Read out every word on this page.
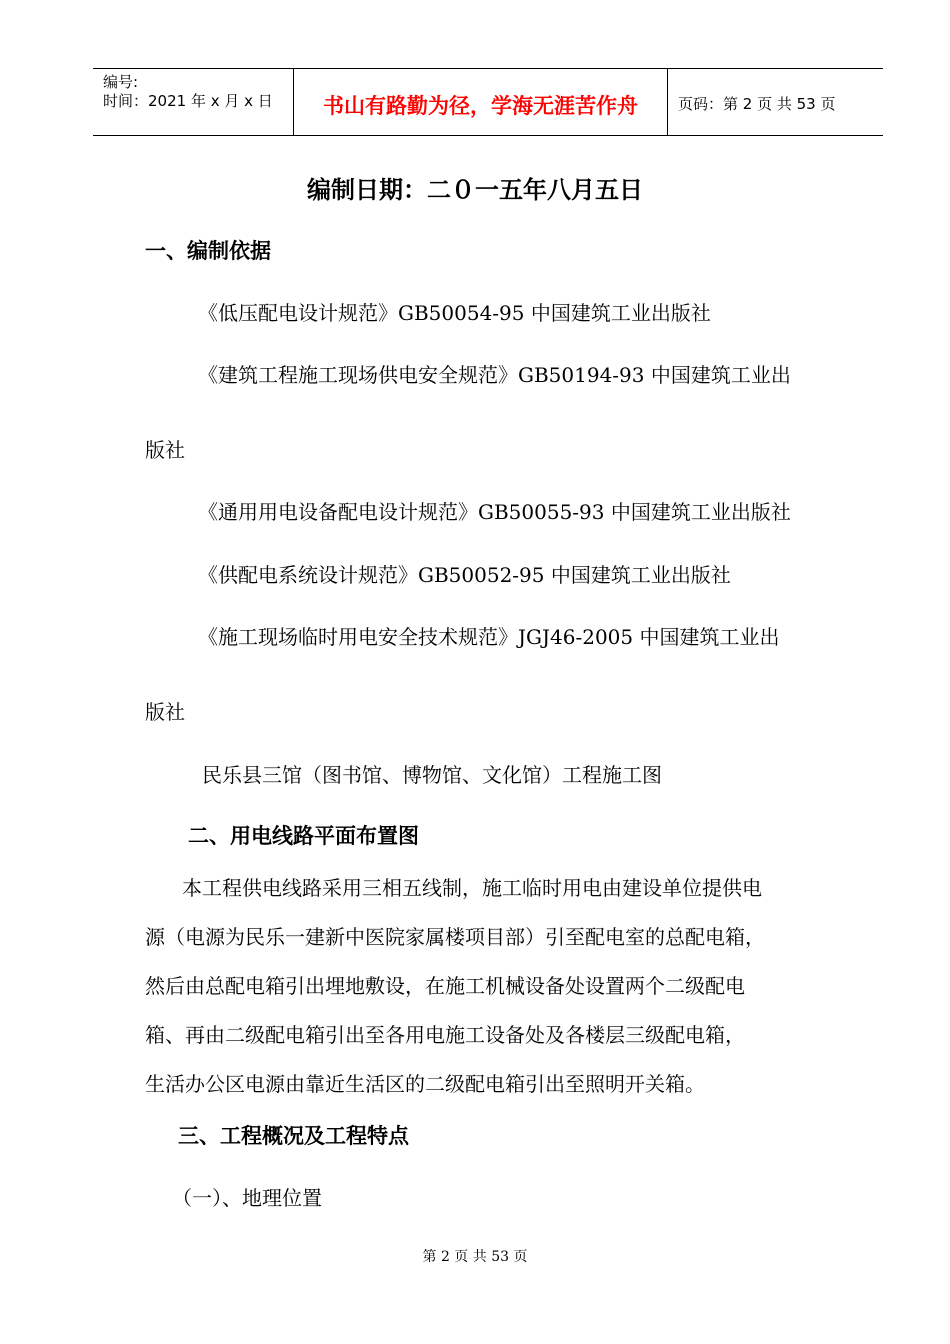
编号:
时间：2021 年 x 月 x 日	书山有路勤为径，学海无涯苦作舟	页码：第 2 页 共 53 页
编制日期：二０一五年八月五日
一、编制依据
《低压配电设计规范》GB50054-95 中国建筑工业出版社
《建筑工程施工现场供电安全规范》GB50194-93 中国建筑工业出
版社
《通用用电设备配电设计规范》GB50055-93 中国建筑工业出版社
《供配电系统设计规范》GB50052-95 中国建筑工业出版社
《施工现场临时用电安全技术规范》JGJ46-2005 中国建筑工业出
版社
民乐县三馆（图书馆、博物馆、文化馆）工程施工图
二、用电线路平面布置图
本工程供电线路采用三相五线制，施工临时用电由建设单位提供电
源（电源为民乐一建新中医院家属楼项目部）引至配电室的总配电箱，
然后由总配电箱引出埋地敷设，在施工机械设备处设置两个二级配电
箱、再由二级配电箱引出至各用电施工设备处及各楼层三级配电箱，
生活办公区电源由靠近生活区的二级配电箱引出至照明开关箱。
三、工程概况及工程特点
（一）、地理位置
第 2 页 共 53 页
